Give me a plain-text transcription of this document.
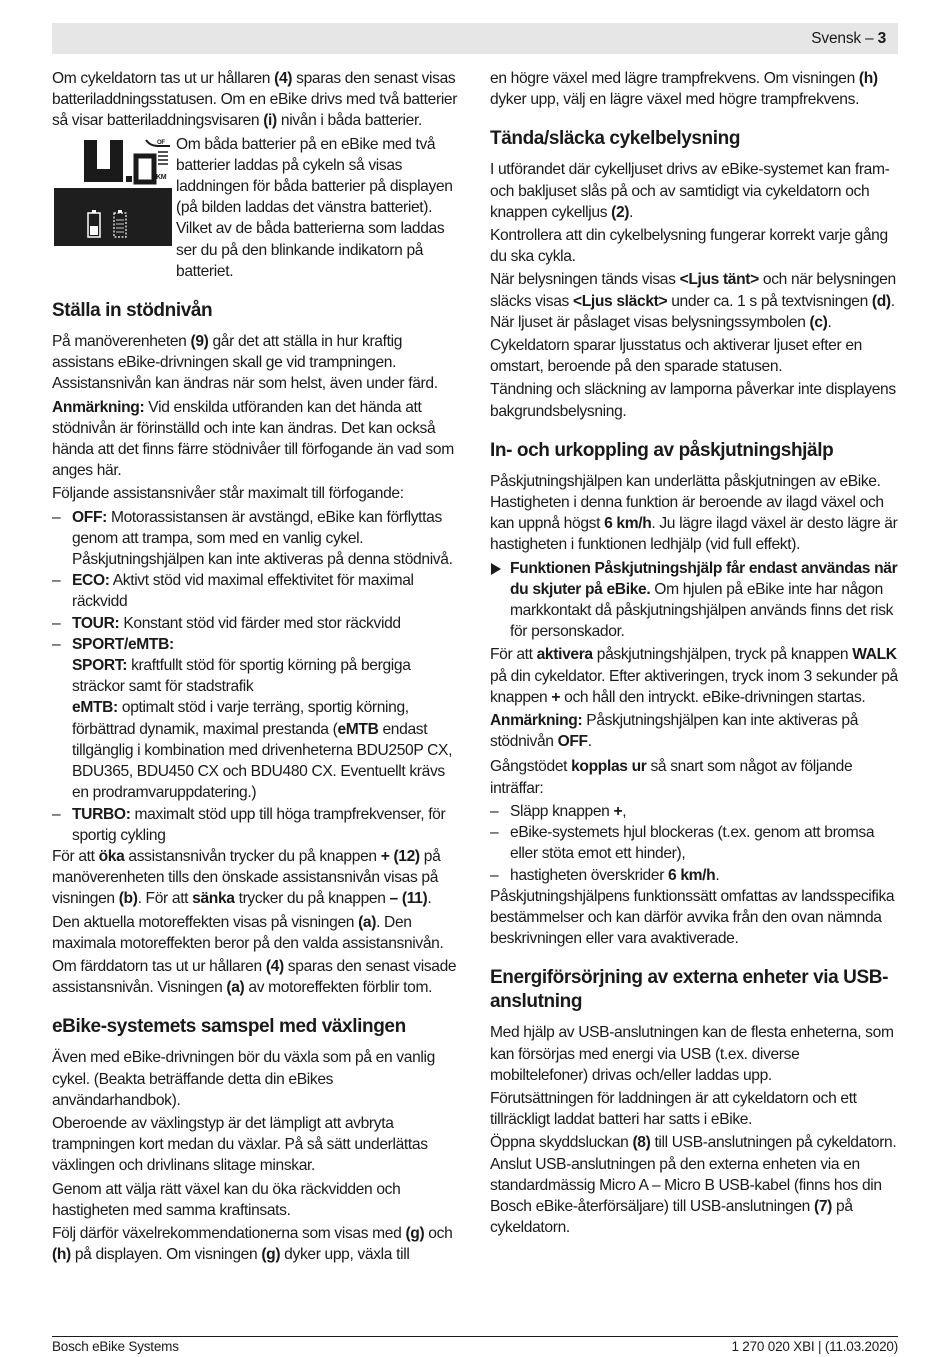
Svensk – 3

Om cykeldatorn tas ut ur hållaren (4) sparas den senast visas batteriladdningsstatusen. Om en eBike drivs med två batterier så visar batteriladdningsvisaren (i) nivån i båda batterier.

OF
KM

Om båda batterier på en eBike med två batterier laddas på cykeln så visas laddningen för båda batterier på displayen (på bilden laddas det vänstra batteriet). Vilket av de båda batterierna som laddas ser du på den blinkande indikatorn på batteriet.

Ställa in stödnivån

På manöverenheten (9) går det att ställa in hur kraftig assistans eBike-drivningen skall ge vid trampningen. Assistansnivån kan ändras när som helst, även under färd.

Anmärkning: Vid enskilda utföranden kan det hända att stödnivån är förinställd och inte kan ändras. Det kan också hända att det finns färre stödnivåer till förfogande än vad som anges här.

Följande assistansnivåer står maximalt till förfogande:

– OFF: Motorassistansen är avstängd, eBike kan förflyttas genom att trampa, som med en vanlig cykel. Påskjutningshjälpen kan inte aktiveras på denna stödnivå.
– ECO: Aktivt stöd vid maximal effektivitet för maximal räckvidd
– TOUR: Konstant stöd vid färder med stor räckvidd
– SPORT/eMTB:
SPORT: kraftfullt stöd för sportig körning på bergiga sträckor samt för stadstrafik
eMTB: optimalt stöd i varje terräng, sportig körning, förbättrad dynamik, maximal prestanda (eMTB endast tillgänglig i kombination med drivenheterna BDU250P CX, BDU365, BDU450 CX och BDU480 CX. Eventuellt krävs en prodramvaruppdatering.)
– TURBO: maximalt stöd upp till höga trampfrekvenser, för sportig cykling

För att öka assistansnivån trycker du på knappen + (12) på manöverenheten tills den önskade assistansnivån visas på visningen (b). För att sänka trycker du på knappen – (11).

Den aktuella motoreffekten visas på visningen (a). Den maximala motoreffekten beror på den valda assistansnivån.

Om färddatorn tas ut ur hållaren (4) sparas den senast visade assistansnivån. Visningen (a) av motoreffekten förblir tom.

eBike-systemets samspel med växlingen

Även med eBike-drivningen bör du växla som på en vanlig cykel. (Beakta beträffande detta din eBikes användarhandbok).

Oberoende av växlingstyp är det lämpligt att avbryta trampningen kort medan du växlar. På så sätt underlättas växlingen och drivlinans slitage minskar.

Genom att välja rätt växel kan du öka räckvidden och hastigheten med samma kraftinsats.

Följ därför växelrekommendationerna som visas med (g) och (h) på displayen. Om visningen (g) dyker upp, växla till

en högre växel med lägre trampfrekvens. Om visningen (h) dyker upp, välj en lägre växel med högre trampfrekvens.

Tända/släcka cykelbelysning

I utförandet där cykelljuset drivs av eBike-systemet kan fram- och bakljuset slås på och av samtidigt via cykeldatorn och knappen cykelljus (2).

Kontrollera att din cykelbelysning fungerar korrekt varje gång du ska cykla.

När belysningen tänds visas <Ljus tänt> och när belysningen släcks visas <Ljus släckt> under ca. 1 s på textvisningen (d). När ljuset är påslaget visas belysningssymbolen (c).

Cykeldatorn sparar ljusstatus och aktiverar ljuset efter en omstart, beroende på den sparade statusen.

Tändning och släckning av lamporna påverkar inte displayens bakgrundsbelysning.

In- och urkoppling av påskjutningshjälp

Påskjutningshjälpen kan underlätta påskjutningen av eBike. Hastigheten i denna funktion är beroende av ilagd växel och kan uppnå högst 6 km/h. Ju lägre ilagd växel är desto lägre är hastigheten i funktionen ledhjälp (vid full effekt).

Funktionen Påskjutningshjälp får endast användas när du skjuter på eBike. Om hjulen på eBike inte har någon markkontakt då påskjutningshjälpen används finns det risk för personskador.

För att aktivera påskjutningshjälpen, tryck på knappen WALK på din cykeldator. Efter aktiveringen, tryck inom 3 sekunder på knappen + och håll den intryckt. eBike-drivningen startas.

Anmärkning: Påskjutningshjälpen kan inte aktiveras på stödnivån OFF.

Gångstödet kopplas ur så snart som något av följande inträffar:

– Släpp knappen +,
– eBike-systemets hjul blockeras (t.ex. genom att bromsa eller stöta emot ett hinder),
– hastigheten överskrider 6 km/h.

Påskjutningshjälpens funktionssätt omfattas av landsspecifika bestämmelser och kan därför avvika från den ovan nämnda beskrivningen eller vara avaktiverade.

Energiförsörjning av externa enheter via USB-anslutning

Med hjälp av USB-anslutningen kan de flesta enheterna, som kan försörjas med energi via USB (t.ex. diverse mobiltelefoner) drivas och/eller laddas upp.

Förutsättningen för laddningen är att cykeldatorn och ett tillräckligt laddat batteri har satts i eBike.

Öppna skyddsluckan (8) till USB-anslutningen på cykeldatorn. Anslut USB-anslutningen på den externa enheten via en standardmässig Micro A – Micro B USB-kabel (finns hos din Bosch eBike-återförsäljare) till USB-anslutningen (7) på cykeldatorn.

Bosch eBike Systems	1 270 020 XBI | (11.03.2020)
